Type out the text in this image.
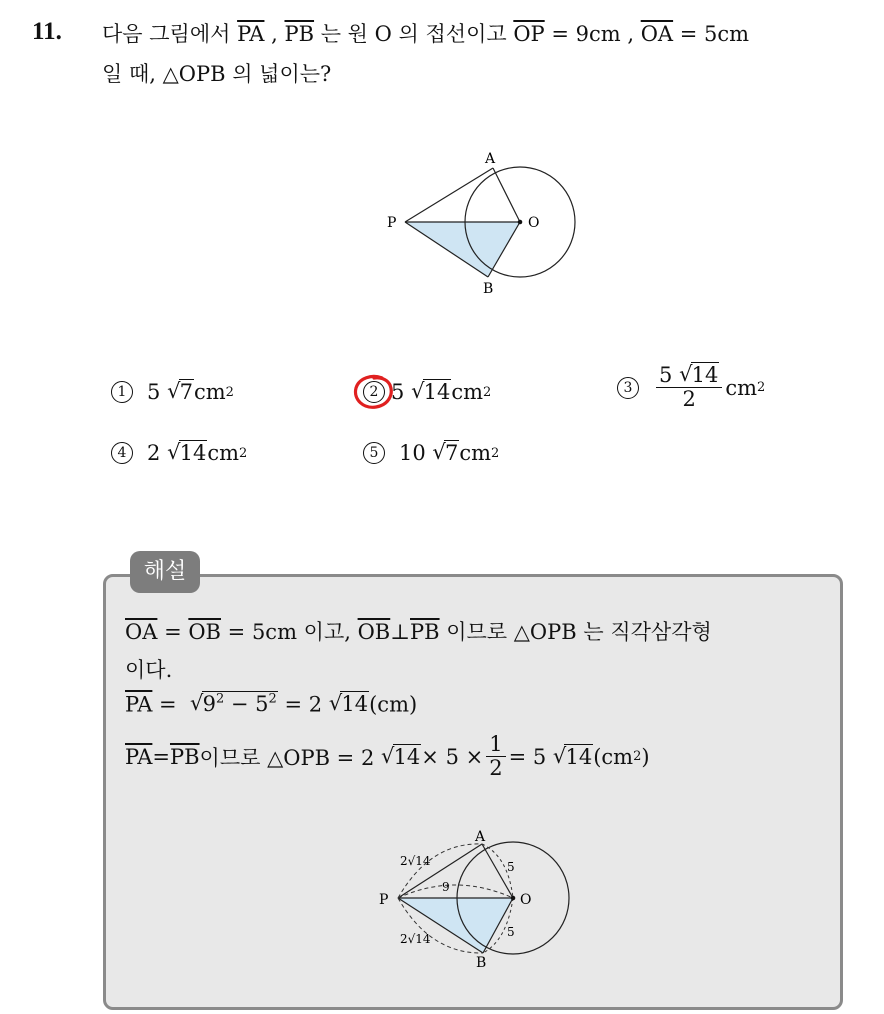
11. 다음 그림에서 $\overline{PA}$ , $\overline{PB}$ 는 원 O 의 접선이고 $\overline{OP} = 9cm$ , $\overline{OA} = 5cm$
일 때, △OPB 의 넓이는?
P
A
B
O
1 5
√ 7 cm 2	2 5
√ 14 cm 2	3	$\frac{5 √ 14}{2}$ cm 2
4 2
√ 14 cm 2	5 10
√ 7 cm 2
해설
$\overline{OA} = \overline{OB} = 5cm$ 이고, $\overline{OB}\perp\overline{PB}$ 이므로 △OPB 는 직각삼각형
이다.
$\overline{PA}$ =  √ $9^2 - 5^2 = 2$ √ 14(cm)
$\overline{PA} = \overline{PB}$ 이므로 △OPB = 2
√ $14 \times 5 \times \frac{1}{2} = 5$
√ 14 (cm 2 )
P
A
B
O
2√14
2√14
9
5
5
